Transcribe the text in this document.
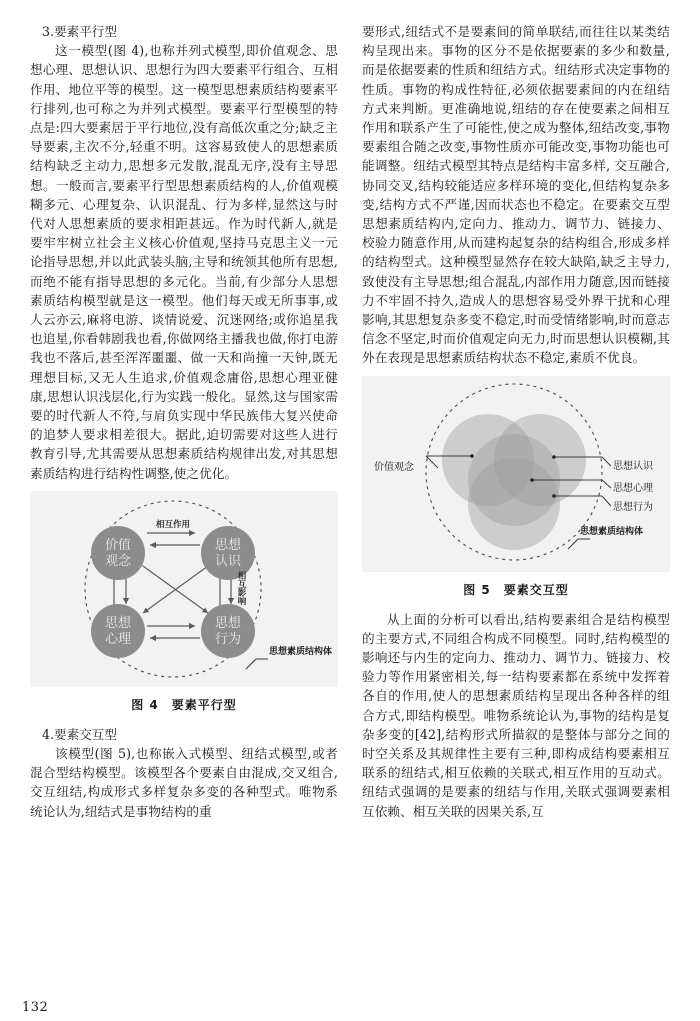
3.要素平行型

这一模型(图 4),也称并列式模型,即价值观念、思想心理、思想认识、思想行为四大要素平行组合、互相作用、地位平等的模型。这一模型思想素质结构要素平行排列,也可称之为并列式模型。要素平行型模型的特点是:四大要素居于平行地位,没有高低次重之分;缺乏主导要素,主次不分,轻重不明。这容易致使人的思想素质结构缺乏主动力,思想多元发散,混乱无序,没有主导思想。一般而言,要素平行型思想素质结构的人,价值观模糊多元、心理复杂、认识混乱、行为多样,显然这与时代对人思想素质的要求相距甚远。作为时代新人,就是要牢牢树立社会主义核心价值观,坚持马克思主义一元论指导思想,并以此武装头脑,主导和统领其他所有思想,而绝不能有指导思想的多元化。当前,有少部分人思想素质结构模型就是这一模型。他们每天或无所事事,或人云亦云,麻将电游、谈情说爱、沉迷网络;或你追星我也追星,你看韩剧我也看,你做网络主播我也做,你打电游我也不落后,甚至浑浑噩噩、做一天和尚撞一天钟,既无理想目标,又无人生追求,价值观念庸俗,思想心理亚健康,思想认识浅层化,行为实践一般化。显然,这与国家需要的时代新人不符,与肩负实现中华民族伟大复兴使命的追梦人要求相差很大。据此,迫切需要对这些人进行教育引导,尤其需要从思想素质结构规律出发,对其思想素质结构进行结构性调整,使之优化。

价值
观念
思想
认识
思想
心理
思想
行为
相互作用
相互影响
思想素质结构体
图 4　要素平行型

4.要素交互型

该模型(图 5),也称嵌入式模型、纽结式模型,或者混合型结构模型。该模型各个要素自由混成,交叉组合,交互纽结,构成形式多样复杂多变的各种型式。唯物系统论认为,纽结式是事物结构的重

要形式,纽结式不是要素间的简单联结,而往往以某类结构呈现出来。事物的区分不是依据要素的多少和数量,而是依据要素的性质和纽结方式。纽结形式决定事物的性质。事物的构成性特征,必须依据要素间的内在纽结方式来判断。更准确地说,纽结的存在使要素之间相互作用和联系产生了可能性,使之成为整体,纽结改变,事物要素组合随之改变,事物性质亦可能改变,事物功能也可能调整。纽结式模型其特点是结构丰富多样, 交互融合,协同交叉,结构较能适应多样环境的变化,但结构复杂多变,结构方式不严谨,因而状态也不稳定。在要素交互型思想素质结构内,定向力、推动力、调节力、链接力、校验力随意作用,从而建构起复杂的结构组合,形成多样的结构型式。这种模型显然存在较大缺陷,缺乏主导力,致使没有主导思想;组合混乱,内部作用力随意,因而链接力不牢固不持久,造成人的思想容易受外界干扰和心理影响,其思想复杂多变不稳定,时而受情绪影响,时而意志信念不坚定,时而价值观定向无力,时而思想认识模糊,其外在表现是思想素质结构状态不稳定,素质不优良。

价值观念	思想认识
思想心理
思想行为
思想素质结构体
图 5　要素交互型

从上面的分析可以看出,结构要素组合是结构模型的主要方式,不同组合构成不同模型。同时,结构模型的影响还与内生的定向力、推动力、调节力、链接力、校验力等作用紧密相关,每一结构要素都在系统中发挥着各自的作用,使人的思想素质结构呈现出各种各样的组合方式,即结构模型。唯物系统论认为,事物的结构是复杂多变的[42],结构形式所描叙的是整体与部分之间的时空关系及其规律性主要有三种,即构成结构要素相互联系的纽结式,相互依赖的关联式,相互作用的互动式。纽结式强调的是要素的纽结与作用,关联式强调要素相互依赖、相互关联的因果关系,互

132
